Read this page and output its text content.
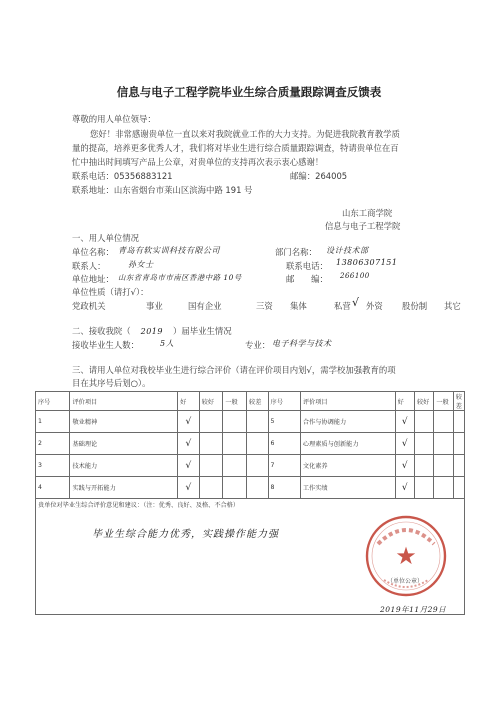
信息与电子工程学院毕业生综合质量跟踪调查反馈表
尊敬的用人单位领导：
您好！非常感谢贵单位一直以来对我院就业工作的大力支持。为促进我院教育教学质
量的提高，培养更多优秀人才，我们将对毕业生进行综合质量跟踪调查，特请贵单位在百
忙中抽出时间填写产品上公章，对贵单位的支持再次表示衷心感谢！
联系电话：05356883121	邮编：264005
联系地址：山东省烟台市莱山区滨海中路 191 号
山东工商学院
信息与电子工程学院
一、用人单位情况
单位名称： 青岛有软实训科技有限公司	部门名称： 设计技术部
联系人：	孙女士	联系电话： 13806307151
单位地址： 山东省青岛市市南区香港中路 10号	邮　　编： 266100
单位性质（请打√）：
党政机关	事业	国有企业	三资 集体	私营 √ 外资 股份制 其它
二、接收我院（ 2019 ）届毕业生情况
接收毕业生人数：	5人	专业： 电子科学与技术
三、请用人单位对我校毕业生进行综合评价（请在评价项目内划√，需学校加强教育的项
目在其序号后划○）。
序号	评价项目	好	较好	一般	较差	序号	评价项目	好	较好	一般	较差
1	敬业精神	√				5	合作与协调能力	√			
2	基础理论	√				6	心理素质与创新能力	√			
3	技术能力	√				7	文化素养	√			
4	实践与开拓能力	√				8	工作实绩	√			
贵单位对毕业生综合评价意见和建议：（注：优秀、良好、及格、不合格）
毕业生综合能力优秀，实践操作能力强
★
（单位公章）
2019年11月29日
